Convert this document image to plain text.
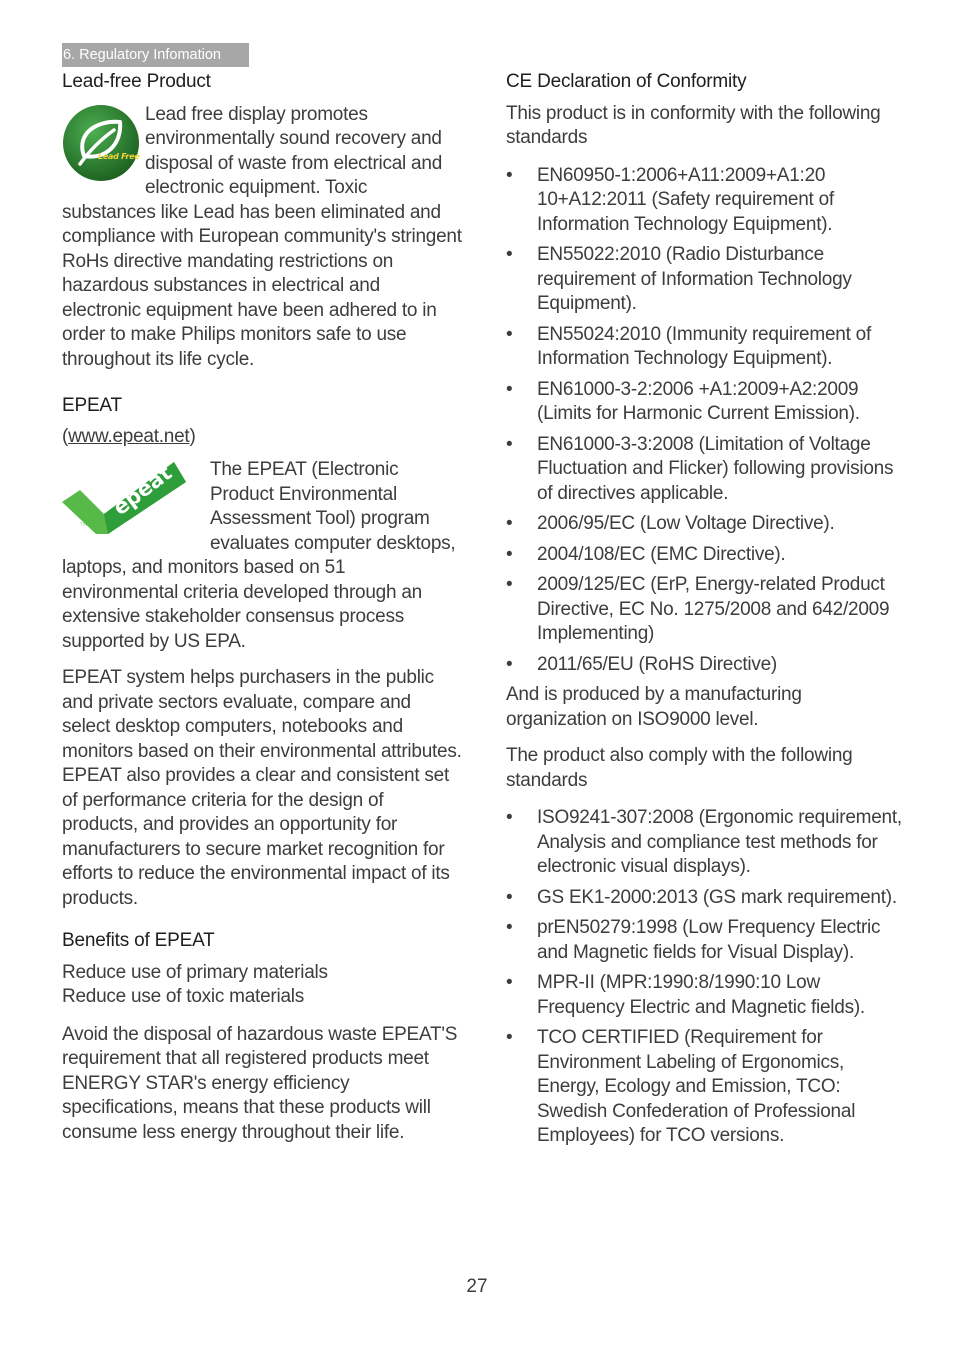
6. Regulatory Infomation
Lead-free Product
Lead Free!

Lead free display promotes environmentally sound recovery and disposal of waste from electrical and electronic equipment. Toxic substances like Lead has been eliminated and compliance with European community's stringent RoHs directive mandating restrictions on hazardous substances in electrical and electronic equipment have been adhered to in order to make Philips monitors safe to use throughout its life cycle.

EPEAT

(www.epeat.net)

epeat
TM

The EPEAT (Electronic Product Environmental Assessment Tool) program evaluates computer desktops, laptops, and monitors based on 51 environmental criteria developed through an extensive stakeholder consensus process supported by US EPA.

EPEAT system helps purchasers in the public and private sectors evaluate, compare and select desktop computers, notebooks and monitors based on their environmental attributes. EPEAT also provides a clear and consistent set of performance criteria for the design of products, and provides an opportunity for manufacturers to secure market recognition for efforts to reduce the environmental impact of its products.

Benefits of EPEAT

Reduce use of primary materials

Reduce use of toxic materials

Avoid the disposal of hazardous waste EPEAT'S requirement that all registered products meet ENERGY STAR's energy efficiency specifications, means that these products will consume less energy throughout their life.

CE Declaration of Conformity

This product is in conformity with the following standards

• EN60950-1:2006+A11:2009+A1:20 10+A12:2011 (Safety requirement of Information Technology Equipment).
• EN55022:2010 (Radio Disturbance requirement of Information Technology Equipment).
• EN55024:2010 (Immunity requirement of Information Technology Equipment).
• EN61000-3-2:2006 +A1:2009+A2:2009 (Limits for Harmonic Current Emission).
• EN61000-3-3:2008 (Limitation of Voltage Fluctuation and Flicker) following provisions of directives applicable.
• 2006/95/EC (Low Voltage Directive).
• 2004/108/EC (EMC Directive).
• 2009/125/EC (ErP, Energy-related Product Directive, EC No. 1275/2008 and 642/2009 Implementing)
• 2011/65/EU (RoHS Directive)

And is produced by a manufacturing organization on ISO9000 level.

The product also comply with the following standards

• ISO9241-307:2008 (Ergonomic requirement, Analysis and compliance test methods for electronic visual displays).
• GS EK1-2000:2013 (GS mark requirement).
• prEN50279:1998 (Low Frequency Electric and Magnetic fields for Visual Display).
• MPR-II (MPR:1990:8/1990:10 Low Frequency Electric and Magnetic fields).
• TCO CERTIFIED (Requirement for Environment Labeling of Ergonomics, Energy, Ecology and Emission, TCO: Swedish Confederation of Professional Employees) for TCO versions.
27
